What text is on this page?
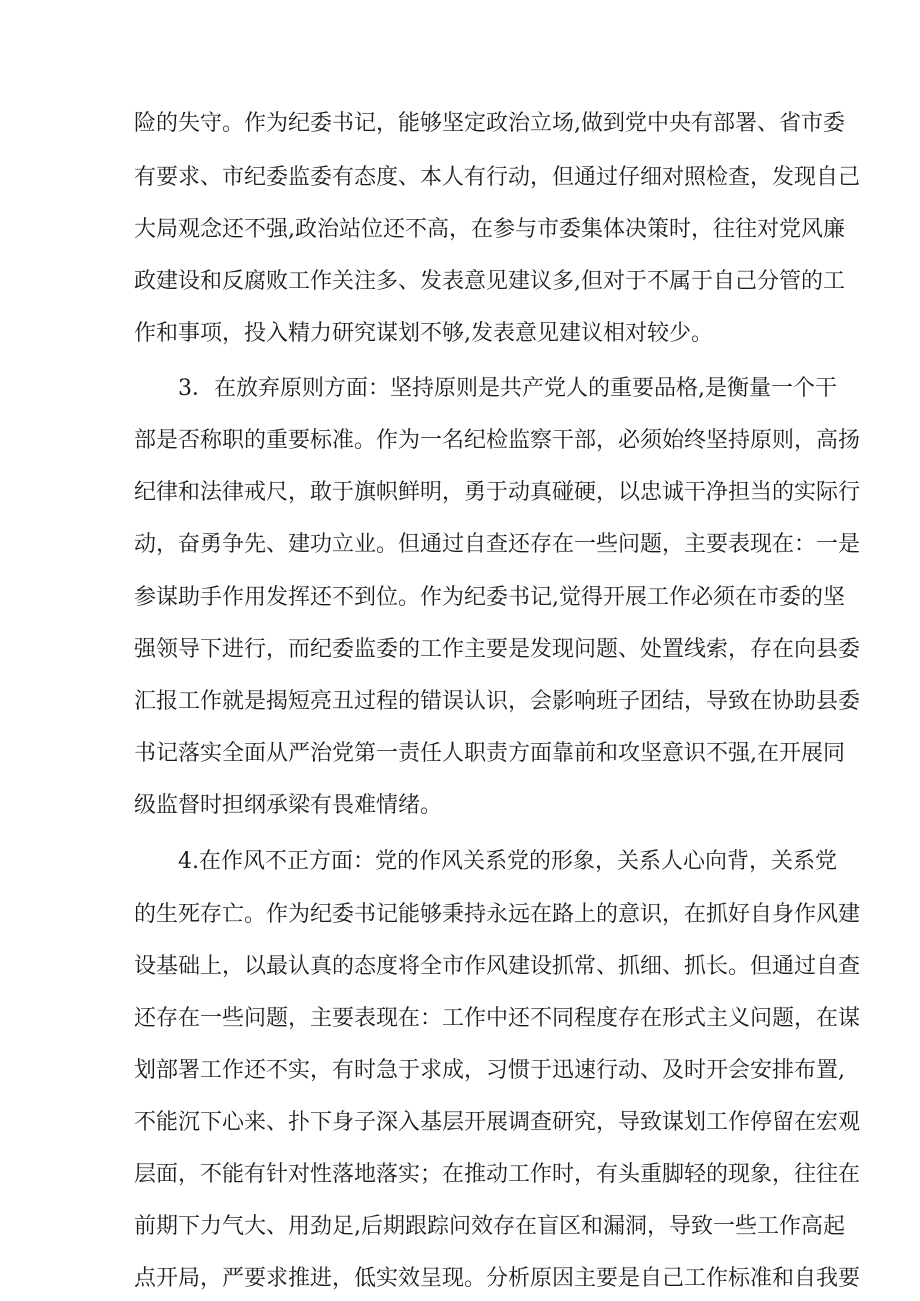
险的失守。作为纪委书记，能够坚定政治立场,做到党中央有部署、省市委
有要求、市纪委监委有态度、本人有行动，但通过仔细对照检查，发现自己
大局观念还不强,政治站位还不高，在参与市委集体决策时，往往对党风廉
政建设和反腐败工作关注多、发表意见建议多,但对于不属于自己分管的工
作和事项，投入精力研究谋划不够,发表意见建议相对较少。
3．在放弃原则方面：坚持原则是共产党人的重要品格,是衡量一个干
部是否称职的重要标准。作为一名纪检监察干部，必须始终坚持原则，高扬
纪律和法律戒尺，敢于旗帜鲜明，勇于动真碰硬，以忠诚干净担当的实际行
动，奋勇争先、建功立业。但通过自查还存在一些问题，主要表现在：一是
参谋助手作用发挥还不到位。作为纪委书记,觉得开展工作必须在市委的坚
强领导下进行，而纪委监委的工作主要是发现问题、处置线索，存在向县委
汇报工作就是揭短亮丑过程的错误认识，会影响班子团结，导致在协助县委
书记落实全面从严治党第一责任人职责方面靠前和攻坚意识不强,在开展同
级监督时担纲承梁有畏难情绪。
4.在作风不正方面：党的作风关系党的形象，关系人心向背，关系党
的生死存亡。作为纪委书记能够秉持永远在路上的意识，在抓好自身作风建
设基础上，以最认真的态度将全市作风建设抓常、抓细、抓长。但通过自查
还存在一些问题，主要表现在：工作中还不同程度存在形式主义问题，在谋
划部署工作还不实，有时急于求成，习惯于迅速行动、及时开会安排布置,
不能沉下心来、扑下身子深入基层开展调查研究，导致谋划工作停留在宏观
层面，不能有针对性落地落实；在推动工作时，有头重脚轻的现象，往往在
前期下力气大、用劲足,后期跟踪问效存在盲区和漏洞，导致一些工作高起
点开局，严要求推进，低实效呈现。分析原因主要是自己工作标准和自我要
